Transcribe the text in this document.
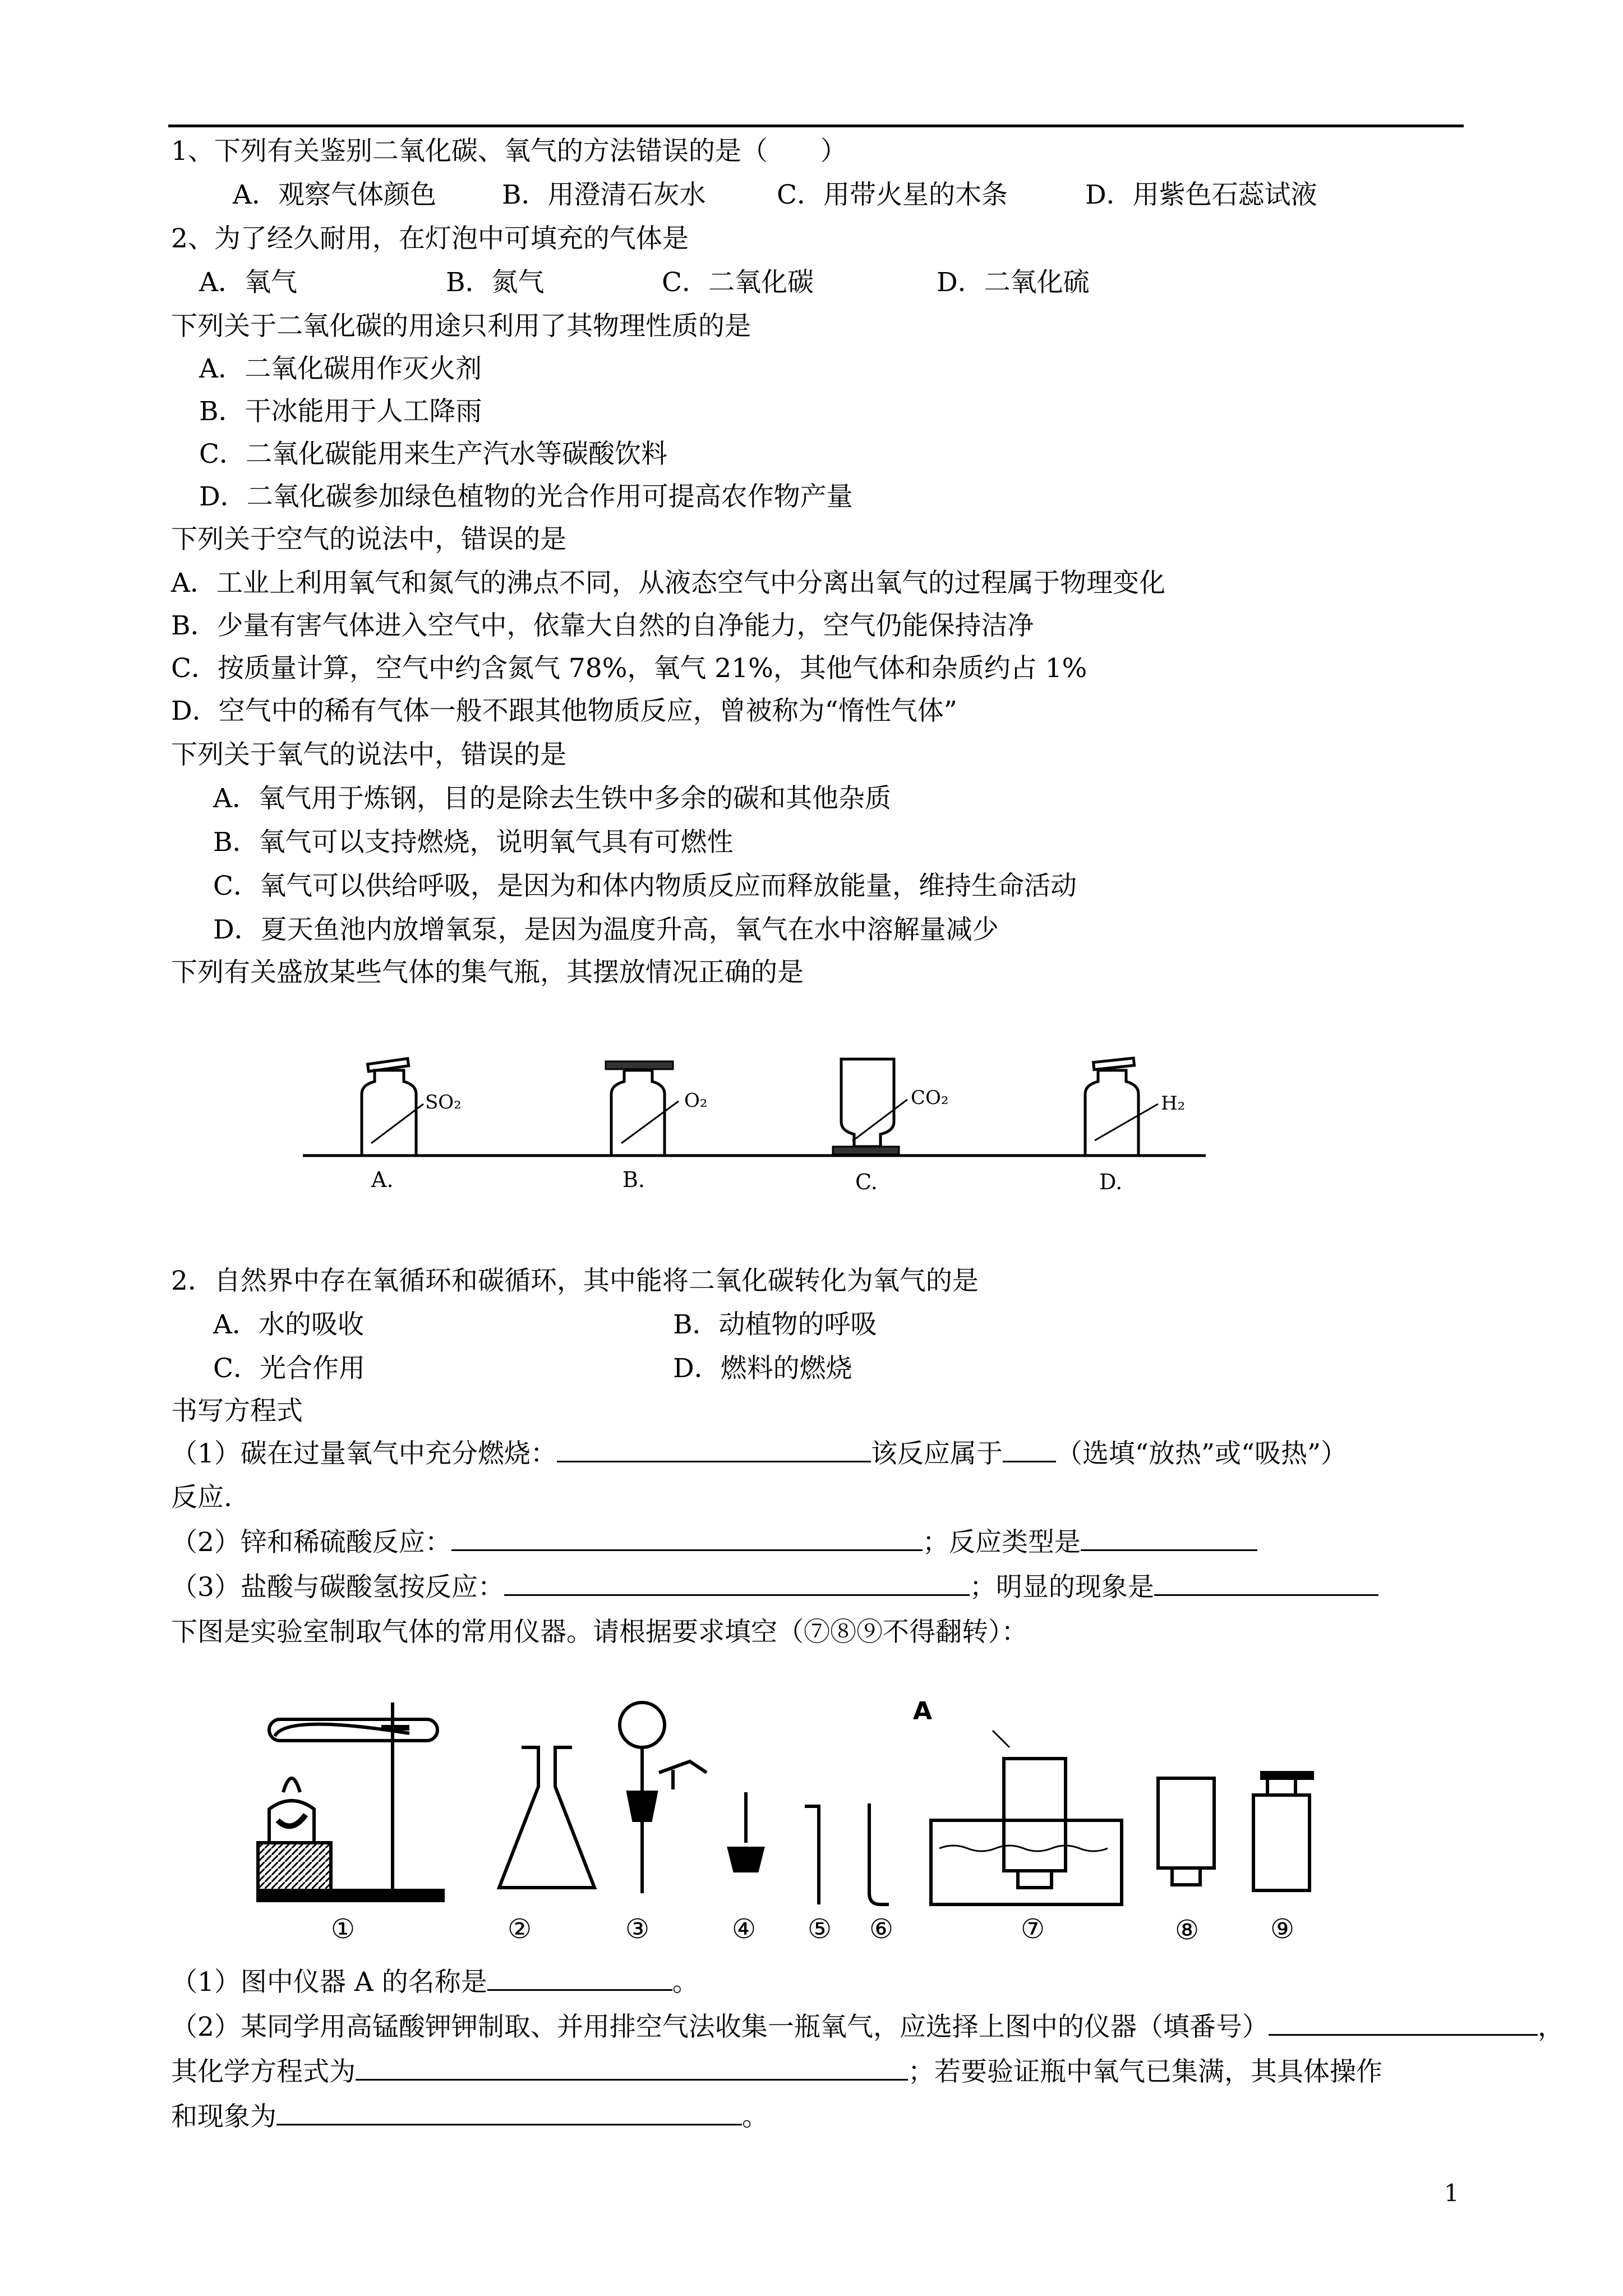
1、下列有关鉴别二氧化碳、氧气的方法错误的是（　　）
A．观察气体颜色 B．用澄清石灰水	C．用带火星的木条	D．用紫色石蕊试液
2、为了经久耐用，在灯泡中可填充的气体是
A．氧气	B．氮气	C．二氧化碳	D．二氧化硫
下列关于二氧化碳的用途只利用了其物理性质的是
A．二氧化碳用作灭火剂
B．干冰能用于人工降雨
C．二氧化碳能用来生产汽水等碳酸饮料
D．二氧化碳参加绿色植物的光合作用可提高农作物产量
下列关于空气的说法中，错误的是
A．工业上利用氧气和氮气的沸点不同，从液态空气中分离出氧气的过程属于物理变化
B．少量有害气体进入空气中，依靠大自然的自净能力，空气仍能保持洁净
C．按质量计算，空气中约含氮气 78%，氧气 21%，其他气体和杂质约占 1%
D．空气中的稀有气体一般不跟其他物质反应，曾被称为“惰性气体”
下列关于氧气的说法中，错误的是
A．氧气用于炼钢，目的是除去生铁中多余的碳和其他杂质
B．氧气可以支持燃烧，说明氧气具有可燃性
C．氧气可以供给呼吸，是因为和体内物质反应而释放能量，维持生命活动
D．夏天鱼池内放增氧泵，是因为温度升高，氧气在水中溶解量减少
下列有关盛放某些气体的集气瓶，其摆放情况正确的是
SO₂
A.
O₂
B.
CO₂
C.
H₂
D.
2．自然界中存在氧循环和碳循环，其中能将二氧化碳转化为氧气的是
A．水的吸收	B．动植物的呼吸
C．光合作用	D．燃料的燃烧
书写方程式
（1）碳在过量氧气中充分燃烧：	该反应属于 （选填“放热”或“吸热”）
反应.
（2）锌和稀硫酸反应：	；反应类型是
（3）盐酸与碳酸氢按反应：	；明显的现象是
下图是实验室制取气体的常用仪器。请根据要求填空（⑦⑧⑨不得翻转）：
A
①	②	③	④ ⑤ ⑥	⑦	⑧	⑨
（1）图中仪器 A 的名称是	。
（2）某同学用高锰酸钾钾制取、并用排空气法收集一瓶氧气，应选择上图中的仪器（填番号）	，
其化学方程式为	；若要验证瓶中氧气已集满，其具体操作
和现象为	。
1
